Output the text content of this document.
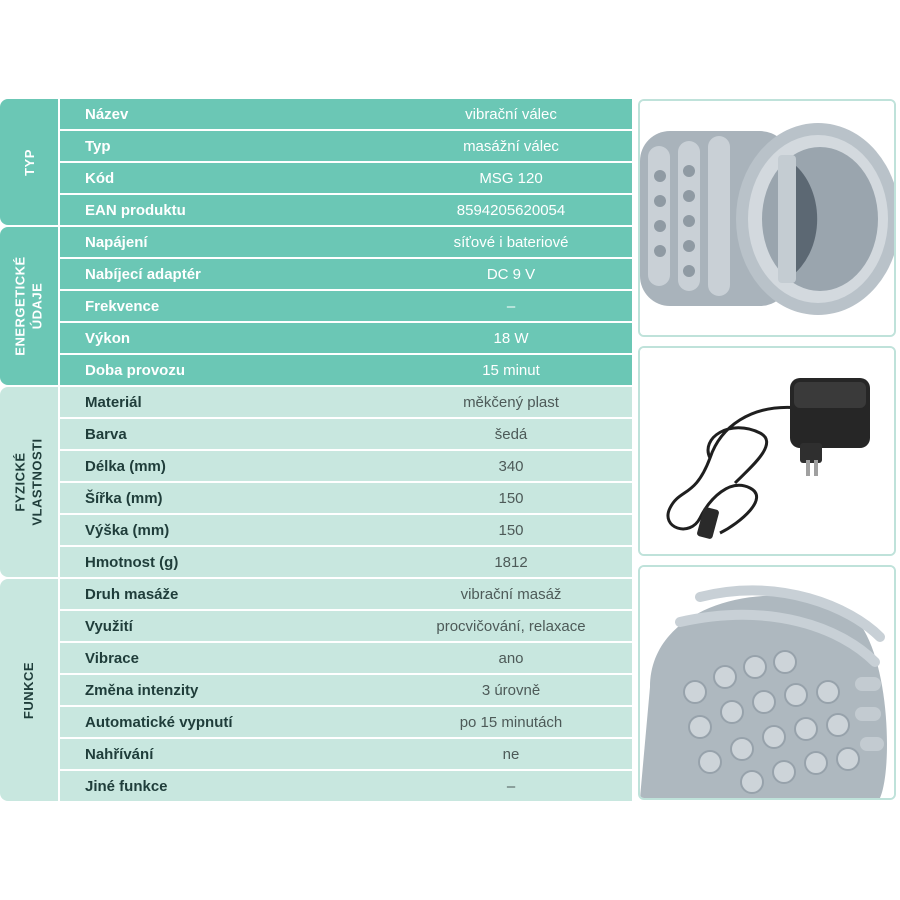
TYP
Název	vibrační válec
Typ	masážní válec
Kód	MSG 120
EAN produktu	8594205620054
ENERGETICKÉ
ÚDAJE
Napájení	síťové i bateriové
Nabíjecí adaptér	DC 9 V
Frekvence	–
Výkon	18 W
Doba provozu	15 minut
FYZICKÉ
VLASTNOSTI
Materiál	měkčený plast
Barva	šedá
Délka (mm)	340
Šířka (mm)	150
Výška (mm)	150
Hmotnost (g)	1812
FUNKCE
Druh masáže	vibrační masáž
Využití	procvičování, relaxace
Vibrace	ano
Změna intenzity	3 úrovně
Automatické vypnutí	po 15 minutách
Nahřívání	ne
Jiné funkce	–
